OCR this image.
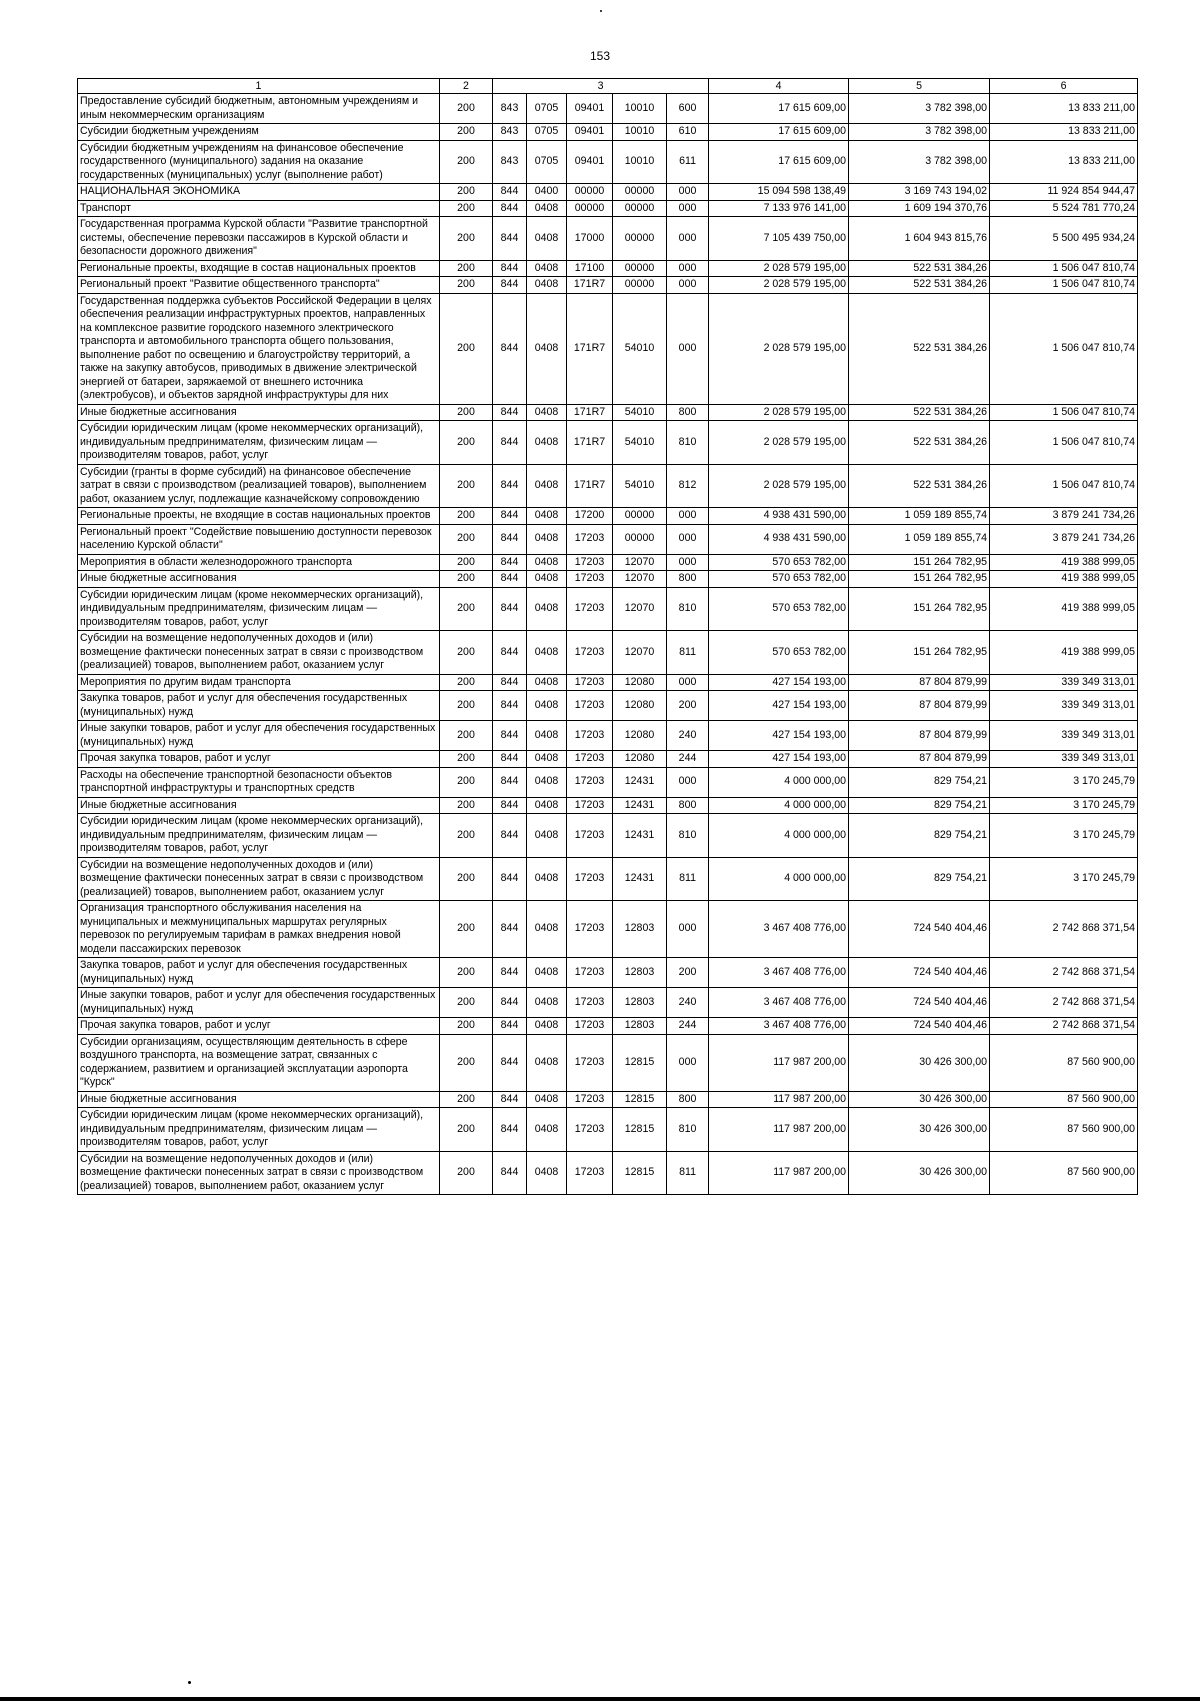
153
1	2	3					4	5	6
Предоставление субсидий бюджетным, автономным учреждениям и иным некоммерческим организациям	200	843	0705	09401	10010	600	17 615 609,00	3 782 398,00	13 833 211,00
Субсидии бюджетным учреждениям	200	843	0705	09401	10010	610	17 615 609,00	3 782 398,00	13 833 211,00
Субсидии бюджетным учреждениям на финансовое обеспечение государственного (муниципального) задания на оказание государственных (муниципальных) услуг (выполнение работ)	200	843	0705	09401	10010	611	17 615 609,00	3 782 398,00	13 833 211,00
НАЦИОНАЛЬНАЯ ЭКОНОМИКА	200	844	0400	00000	00000	000	15 094 598 138,49	3 169 743 194,02	11 924 854 944,47
Транспорт	200	844	0408	00000	00000	000	7 133 976 141,00	1 609 194 370,76	5 524 781 770,24
Государственная программа Курской области "Развитие транспортной системы, обеспечение перевозки пассажиров в Курской области и безопасности дорожного движения"	200	844	0408	17000	00000	000	7 105 439 750,00	1 604 943 815,76	5 500 495 934,24
Региональные проекты, входящие в состав национальных проектов	200	844	0408	17100	00000	000	2 028 579 195,00	522 531 384,26	1 506 047 810,74
Региональный проект "Развитие общественного транспорта"	200	844	0408	171R7	00000	000	2 028 579 195,00	522 531 384,26	1 506 047 810,74
Государственная поддержка субъектов Российской Федерации в целях обеспечения реализации инфраструктурных проектов, направленных на комплексное развитие городского наземного электрического транспорта и автомобильного транспорта общего пользования, выполнение работ по освещению и благоустройству территорий, а также на закупку автобусов, приводимых в движение электрической энергией от батареи, заряжаемой от внешнего источника (электробусов), и объектов зарядной инфраструктуры для них	200	844	0408	171R7	54010	000	2 028 579 195,00	522 531 384,26	1 506 047 810,74
Иные бюджетные ассигнования	200	844	0408	171R7	54010	800	2 028 579 195,00	522 531 384,26	1 506 047 810,74
Субсидии юридическим лицам (кроме некоммерческих организаций), индивидуальным предпринимателям, физическим лицам — производителям товаров, работ, услуг	200	844	0408	171R7	54010	810	2 028 579 195,00	522 531 384,26	1 506 047 810,74
Субсидии (гранты в форме субсидий) на финансовое обеспечение затрат в связи с производством (реализацией товаров), выполнением работ, оказанием услуг, подлежащие казначейскому сопровождению	200	844	0408	171R7	54010	812	2 028 579 195,00	522 531 384,26	1 506 047 810,74
Региональные проекты, не входящие в состав национальных проектов	200	844	0408	17200	00000	000	4 938 431 590,00	1 059 189 855,74	3 879 241 734,26
Региональный проект "Содействие повышению доступности перевозок населению Курской области"	200	844	0408	17203	00000	000	4 938 431 590,00	1 059 189 855,74	3 879 241 734,26
Мероприятия в области железнодорожного транспорта	200	844	0408	17203	12070	000	570 653 782,00	151 264 782,95	419 388 999,05
Иные бюджетные ассигнования	200	844	0408	17203	12070	800	570 653 782,00	151 264 782,95	419 388 999,05
Субсидии юридическим лицам (кроме некоммерческих организаций), индивидуальным предпринимателям, физическим лицам — производителям товаров, работ, услуг	200	844	0408	17203	12070	810	570 653 782,00	151 264 782,95	419 388 999,05
Субсидии на возмещение недополученных доходов и (или) возмещение фактически понесенных затрат в связи с производством (реализацией) товаров, выполнением работ, оказанием услуг	200	844	0408	17203	12070	811	570 653 782,00	151 264 782,95	419 388 999,05
Мероприятия по другим видам транспорта	200	844	0408	17203	12080	000	427 154 193,00	87 804 879,99	339 349 313,01
Закупка товаров, работ и услуг для обеспечения государственных (муниципальных) нужд	200	844	0408	17203	12080	200	427 154 193,00	87 804 879,99	339 349 313,01
Иные закупки товаров, работ и услуг для обеспечения государственных (муниципальных) нужд	200	844	0408	17203	12080	240	427 154 193,00	87 804 879,99	339 349 313,01
Прочая закупка товаров, работ и услуг	200	844	0408	17203	12080	244	427 154 193,00	87 804 879,99	339 349 313,01
Расходы на обеспечение транспортной безопасности объектов транспортной инфраструктуры и транспортных средств	200	844	0408	17203	12431	000	4 000 000,00	829 754,21	3 170 245,79
Иные бюджетные ассигнования	200	844	0408	17203	12431	800	4 000 000,00	829 754,21	3 170 245,79
Субсидии юридическим лицам (кроме некоммерческих организаций), индивидуальным предпринимателям, физическим лицам — производителям товаров, работ, услуг	200	844	0408	17203	12431	810	4 000 000,00	829 754,21	3 170 245,79
Субсидии на возмещение недополученных доходов и (или) возмещение фактически понесенных затрат в связи с производством (реализацией) товаров, выполнением работ, оказанием услуг	200	844	0408	17203	12431	811	4 000 000,00	829 754,21	3 170 245,79
Организация транспортного обслуживания населения на муниципальных и межмуниципальных маршрутах регулярных перевозок по регулируемым тарифам в рамках внедрения новой модели пассажирских перевозок	200	844	0408	17203	12803	000	3 467 408 776,00	724 540 404,46	2 742 868 371,54
Закупка товаров, работ и услуг для обеспечения государственных (муниципальных) нужд	200	844	0408	17203	12803	200	3 467 408 776,00	724 540 404,46	2 742 868 371,54
Иные закупки товаров, работ и услуг для обеспечения государственных (муниципальных) нужд	200	844	0408	17203	12803	240	3 467 408 776,00	724 540 404,46	2 742 868 371,54
Прочая закупка товаров, работ и услуг	200	844	0408	17203	12803	244	3 467 408 776,00	724 540 404,46	2 742 868 371,54
Субсидии организациям, осуществляющим деятельность в сфере воздушного транспорта, на возмещение затрат, связанных с содержанием, развитием и организацией эксплуатации аэропорта "Курск"	200	844	0408	17203	12815	000	117 987 200,00	30 426 300,00	87 560 900,00
Иные бюджетные ассигнования	200	844	0408	17203	12815	800	117 987 200,00	30 426 300,00	87 560 900,00
Субсидии юридическим лицам (кроме некоммерческих организаций), индивидуальным предпринимателям, физическим лицам — производителям товаров, работ, услуг	200	844	0408	17203	12815	810	117 987 200,00	30 426 300,00	87 560 900,00
Субсидии на возмещение недополученных доходов и (или) возмещение фактически понесенных затрат в связи с производством (реализацией) товаров, выполнением работ, оказанием услуг	200	844	0408	17203	12815	811	117 987 200,00	30 426 300,00	87 560 900,00
